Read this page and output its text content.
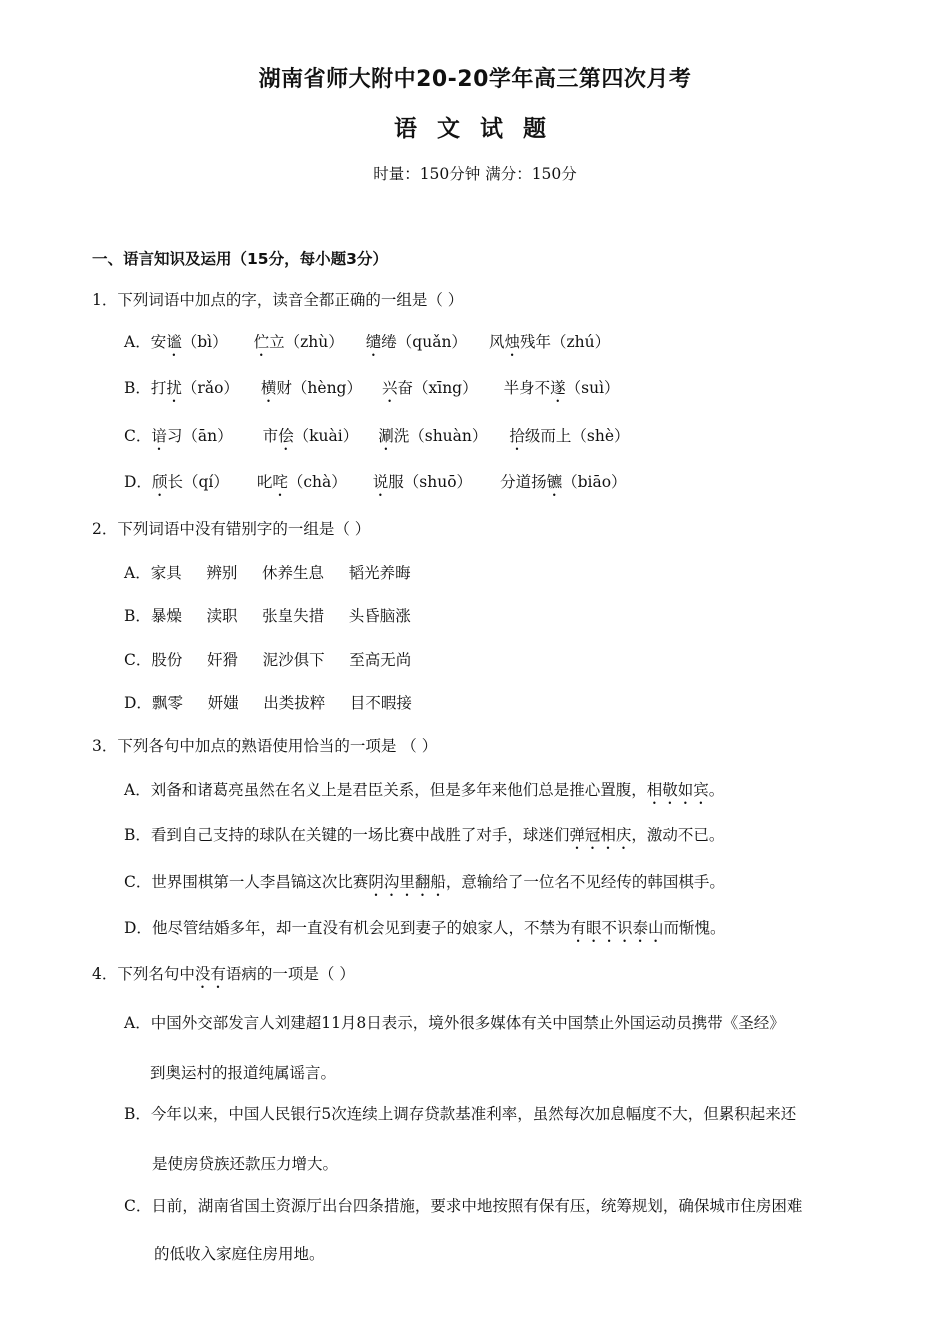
湖南省师大附中20-20学年高三第四次月考
语文试题
时量：150分钟 满分：150分
一、语言知识及运用（15分，每小题3分）
1．下列词语中加点的字，读音全都正确的一组是（ ）
A．安谧（bì） 伫立（zhù） 缱绻（quǎn） 风烛残年（zhú）
B．打扰（rǎo） 横财（hèng） 兴奋（xīng） 半身不遂（suì）
C．谙习（ān） 市侩（kuài） 涮洗（shuàn） 拾级而上（shè）
D．颀长（qí） 叱咤（chà） 说服（shuō） 分道扬镳（biāo）
2．下列词语中没有错别字的一组是（ ）
A．家具     辨别     休养生息     韬光养晦
B．暴燥     渎职     张皇失措     头昏脑涨
C．股份     奸猾     泥沙俱下     至高无尚
D．飘零     妍媸     出类拔粹     目不暇接
3．下列各句中加点的熟语使用恰当的一项是 （ ）
A．刘备和诸葛亮虽然在名义上是君臣关系，但是多年来他们总是推心置腹，相敬如宾。
B．看到自己支持的球队在关键的一场比赛中战胜了对手，球迷们弹冠相庆，激动不已。
C．世界围棋第一人李昌镐这次比赛阴沟里翻船，意输给了一位名不见经传的韩国棋手。
D．他尽管结婚多年，却一直没有机会见到妻子的娘家人，不禁为有眼不识泰山而惭愧。
4．下列名句中没有语病的一项是（ ）
A．中国外交部发言人刘建超11月8日表示，境外很多媒体有关中国禁止外国运动员携带《圣经》
到奥运村的报道纯属谣言。
B．今年以来，中国人民银行5次连续上调存贷款基准利率，虽然每次加息幅度不大，但累积起来还
是使房贷族还款压力增大。
C．日前，湖南省国土资源厅出台四条措施，要求中地按照有保有压，统筹规划，确保城市住房困难
的低收入家庭住房用地。
